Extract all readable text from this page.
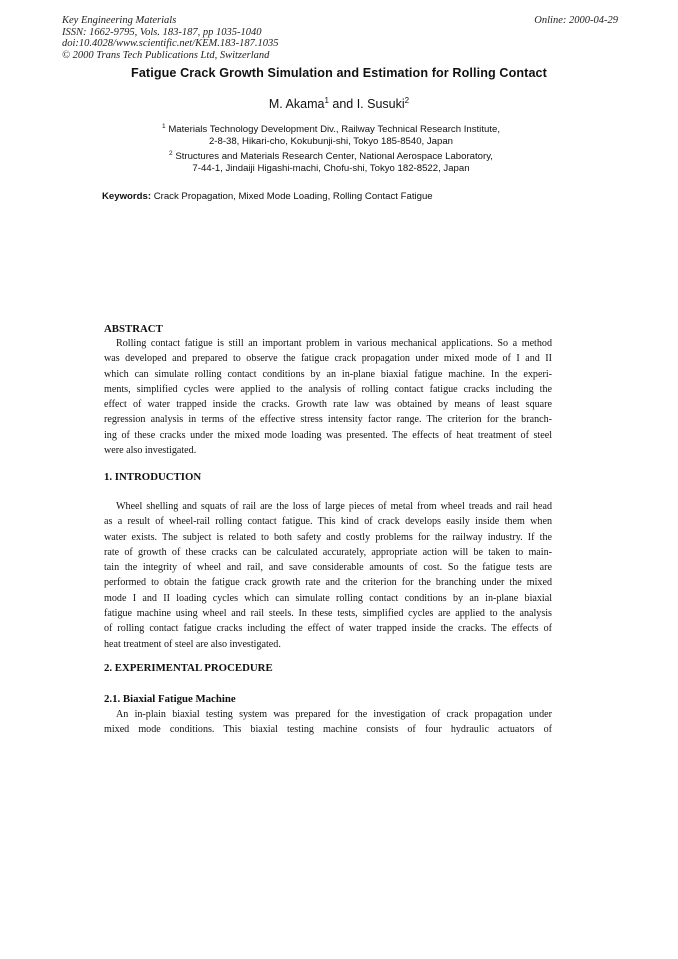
Key Engineering Materials
ISSN: 1662-9795, Vols. 183-187, pp 1035-1040
doi:10.4028/www.scientific.net/KEM.183-187.1035
© 2000 Trans Tech Publications Ltd, Switzerland
Online: 2000-04-29
Fatigue Crack Growth Simulation and Estimation for Rolling Contact
M. Akama$^1$ and I. Susuki$^2$
$^1$ Materials Technology Development Div., Railway Technical Research Institute,
2-8-38, Hikari-cho, Kokubunji-shi, Tokyo 185-8540, Japan
$^2$ Structures and Materials Research Center, National Aerospace Laboratory,
7-44-1, Jindaiji Higashi-machi, Chofu-shi, Tokyo 182-8522, Japan
Keywords: Crack Propagation, Mixed Mode Loading, Rolling Contact Fatigue
ABSTRACT
Rolling contact fatigue is still an important problem in various mechanical applications. So a method
was developed and prepared to observe the fatigue crack propagation under mixed mode of I and II
which can simulate rolling contact conditions by an in-plane biaxial fatigue machine. In the experi-
ments, simplified cycles were applied to the analysis of rolling contact fatigue cracks including the
effect of water trapped inside the cracks. Growth rate law was obtained by means of least square
regression analysis in terms of the effective stress intensity factor range. The criterion for the branch-
ing of these cracks under the mixed mode loading was presented. The effects of heat treatment of steel
were also investigated.
1. INTRODUCTION
Wheel shelling and squats of rail are the loss of large pieces of metal from wheel treads and rail head
as a result of wheel-rail rolling contact fatigue. This kind of crack develops easily inside them when
water exists. The subject is related to both safety and costly problems for the railway industry. If the
rate of growth of these cracks can be calculated accurately, appropriate action will be taken to main-
tain the integrity of wheel and rail, and save considerable amounts of cost. So the fatigue tests are
performed to obtain the fatigue crack growth rate and the criterion for the branching under the mixed
mode I and II loading cycles which can simulate rolling contact conditions by an in-plane biaxial
fatigue machine using wheel and rail steels. In these tests, simplified cycles are applied to the analysis
of rolling contact fatigue cracks including the effect of water trapped inside the cracks. The effects of
heat treatment of steel are also investigated.
2. EXPERIMENTAL PROCEDURE
2.1. Biaxial Fatigue Machine
An in-plain biaxial testing system was prepared for the investigation of crack propagation under
mixed mode conditions. This biaxial testing machine consists of four hydraulic actuators of
